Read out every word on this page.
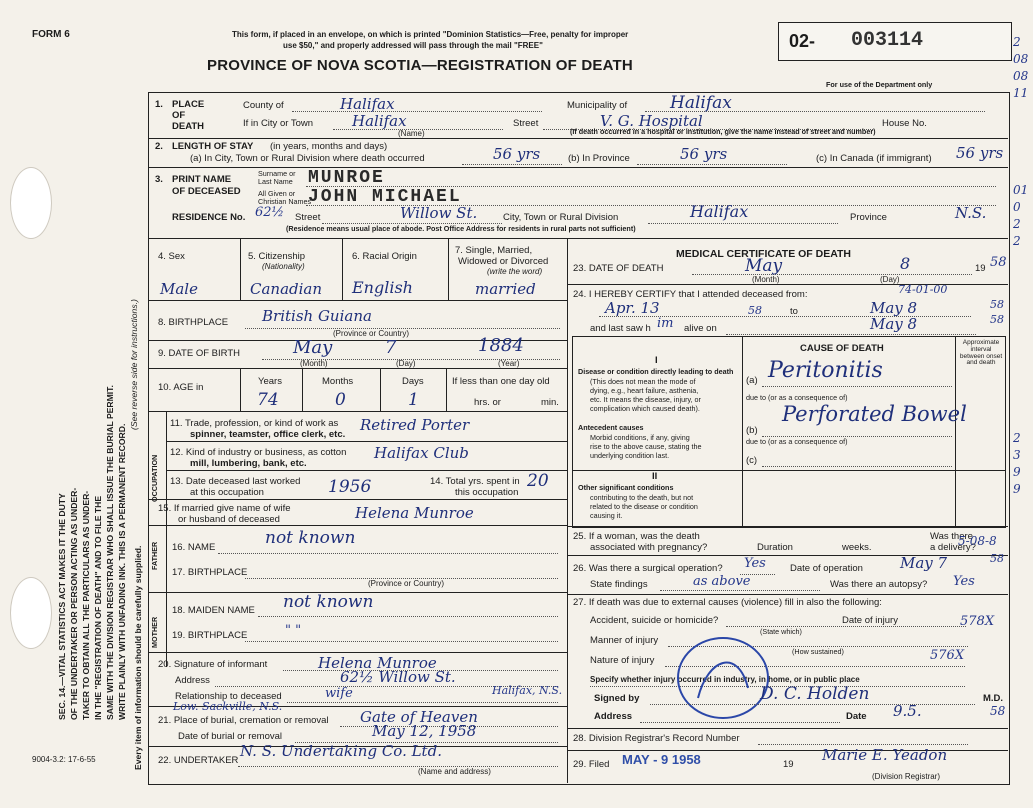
FORM 6	This form, if placed in an envelope, on which is printed "Dominion Statistics—Free, penalty for improper
use $50," and properly addressed will pass through the mail "FREE"
PROVINCE OF NOVA SCOTIA—REGISTRATION OF DEATH
02- 003114
For use of the Department only
2
08
08
11
01
0
2
2
2
3
9
9
SEC. 14.—VITAL STATISTICS ACT MAKES IT THE DUTY OF THE UNDERTAKER OR PERSON ACTING AS UNDER- TAKER TO OBTAIN ALL THE PARTICULARS AS UNDER- IN THE "REGISTRATION OF DEATH" AND TO FILE THE SAME WITH THE DIVISION REGISTRAR WHO SHALL ISSUE THE BURIAL PERMIT. WRITE PLAINLY WITH UNFADING INK. THIS IS A PERMANENT RECORD.
(See reverse side for instructions.)
Every item of information should be carefully supplied.
1. PLACE
OF
DEATH
County of	Halifax	Municipality of	Halifax
If in City or Town	Halifax
(Name)
Street	V. G. Hospital	House No.
(If death occurred in a hospital or institution, give the name instead of street and number)
2. LENGTH OF STAY (in years, months and days)
(a) In City, Town or Rural Division where death occurred	56 yrs	(b) In Province	56 yrs	(c) In Canada (if immigrant) 56 yrs
3. PRINT NAME
OF DECEASED
Surname or
Last Name MUNROE
All Given or
Christian Names
JOHN MICHAEL
RESIDENCE No. 62½ Street	Willow St.	City, Town or Rural Division	Halifax	Province	N.S.
(Residence means usual place of abode. Post Office Address for residents in rural parts not sufficient)
4. Sex
Male
5. Citizenship
(Nationality)
Canadian
6. Racial Origin
English
7. Single, Married,
Widowed or Divorced
(write the word)
married
8. BIRTHPLACE British Guiana
(Province or Country)
9. DATE OF BIRTH	May	7	1884
(Month)	(Day)	(Year)
10. AGE in
Years	Months	Days	If less than one day old
74	0	1	hrs. or	min.
OCCUPATION
11. Trade, profession, or kind of work as
spinner, teamster, office clerk, etc.
Retired Porter
12. Kind of industry or business, as cotton
mill, lumbering, bank, etc.
Halifax Club
13. Date deceased last worked
at this occupation	1956	14. Total yrs. spent in
this occupation
20
15. If married give name of wife
or husband of deceased	Helena Munroe
FATHER 16. NAME	not known
17. BIRTHPLACE
(Province or Country)
MOTHER
18. MAIDEN NAME not known
19. BIRTHPLACE	" "
20. Signature of informant	Helena Munroe
Address	62½ Willow St.
Halifax, N.S.
Relationship to deceased	wife
Low. Sackville, N.S.
21. Place of burial, cremation or removal Gate of Heaven
Date of burial or removal	May 12, 1958
22. UNDERTAKER
N. S. Undertaking Co. Ltd.
(Name and address)
MEDICAL CERTIFICATE OF DEATH
23. DATE OF DEATH	May	8	19 58
(Month)	(Day)
24. I HEREBY CERTIFY that I attended deceased from:	74-01-00
Apr. 13	58	to	May 8	58
and last saw h im alive on	May 8	58
CAUSE OF DEATH
Approximate interval between onset and death
I
Disease or condition directly leading to death
(This does not mean the mode of
dying, e.g., heart failure, asthenia,
etc. It means the disease, injury, or
complication which caused death).
(a) Peritonitis
due to (or as a consequence of)
Antecedent causes
Morbid conditions, if any, giving
rise to the above cause, stating the
underlying condition last.
(b)
Perforated Bowel
due to (or as a consequence of)
(c)
II
Other significant conditions
contributing to the death, but not
related to the disease or condition
causing it.
25. If a woman, was the death
associated with pregnancy?	Duration	weeks.
Was there
a delivery?
5-08-8
26. Was there a surgical operation? Yes	Date of operation May 7	58
State findings	as above	Was there an autopsy? Yes
27. If death was due to external causes (violence) fill in also the following:
Accident, suicide or homicide?
(State which)
Date of injury
Manner of injury
(How sustained)
578X
Nature of injury	576X
Specify whether injury occurred in industry, in home, or in public place
Signed by	D. C. Holden	M.D.
Address	Date 9.5.	58
28. Division Registrar's Record Number
29. Filed MAY - 9 1958	19
Marie E. Yeadon
(Division Registrar)
9004-3.2: 17-6-55
